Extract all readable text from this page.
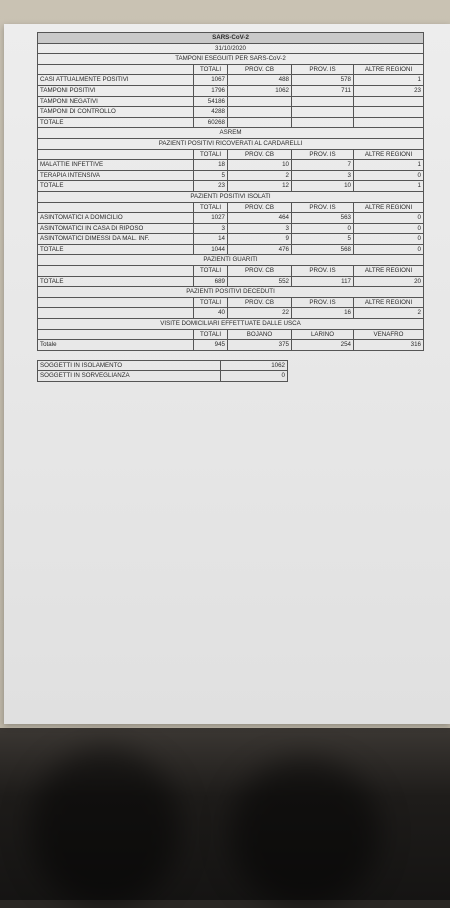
SARS-CoV-2				
31/10/2020				
TAMPONI ESEGUITI PER SARS-CoV-2				
	TOTALI	PROV. CB	PROV. IS	ALTRE REGIONI
CASI ATTUALMENTE POSITIVI	1067	488	578	1
TAMPONI POSITIVI	1796	1062	711	23
TAMPONI NEGATIVI	54186			
TAMPONI DI CONTROLLO	4288			
TOTALE	60268			
ASREM				
PAZIENTI POSITIVI RICOVERATI AL CARDARELLI				
	TOTALI	PROV. CB	PROV. IS	ALTRE REGIONI
MALATTIE INFETTIVE	18	10	7	1
TERAPIA INTENSIVA	5	2	3	0
TOTALE	23	12	10	1
PAZIENTI POSITIVI ISOLATI				
	TOTALI	PROV. CB	PROV. IS	ALTRE REGIONI
ASINTOMATICI A DOMICILIO	1027	464	563	0
ASINTOMATICI IN CASA DI RIPOSO	3	3	0	0
ASINTOMATICI DIMESSI DA MAL. INF.	14	9	5	0
TOTALE	1044	476	568	0
PAZIENTI GUARITI				
	TOTALI	PROV. CB	PROV. IS	ALTRE REGIONI
TOTALE	689	552	117	20
PAZIENTI POSITIVI DECEDUTI				
	TOTALI	PROV. CB	PROV. IS	ALTRE REGIONI
	40	22	16	2
VISITE DOMICILIARI EFFETTUATE DALLE USCA				
	TOTALI	BOJANO	LARINO	VENAFRO
Totale	945	375	254	316
SOGGETTI IN ISOLAMENTO	1062
SOGGETTI IN SORVEGLIANZA	0
